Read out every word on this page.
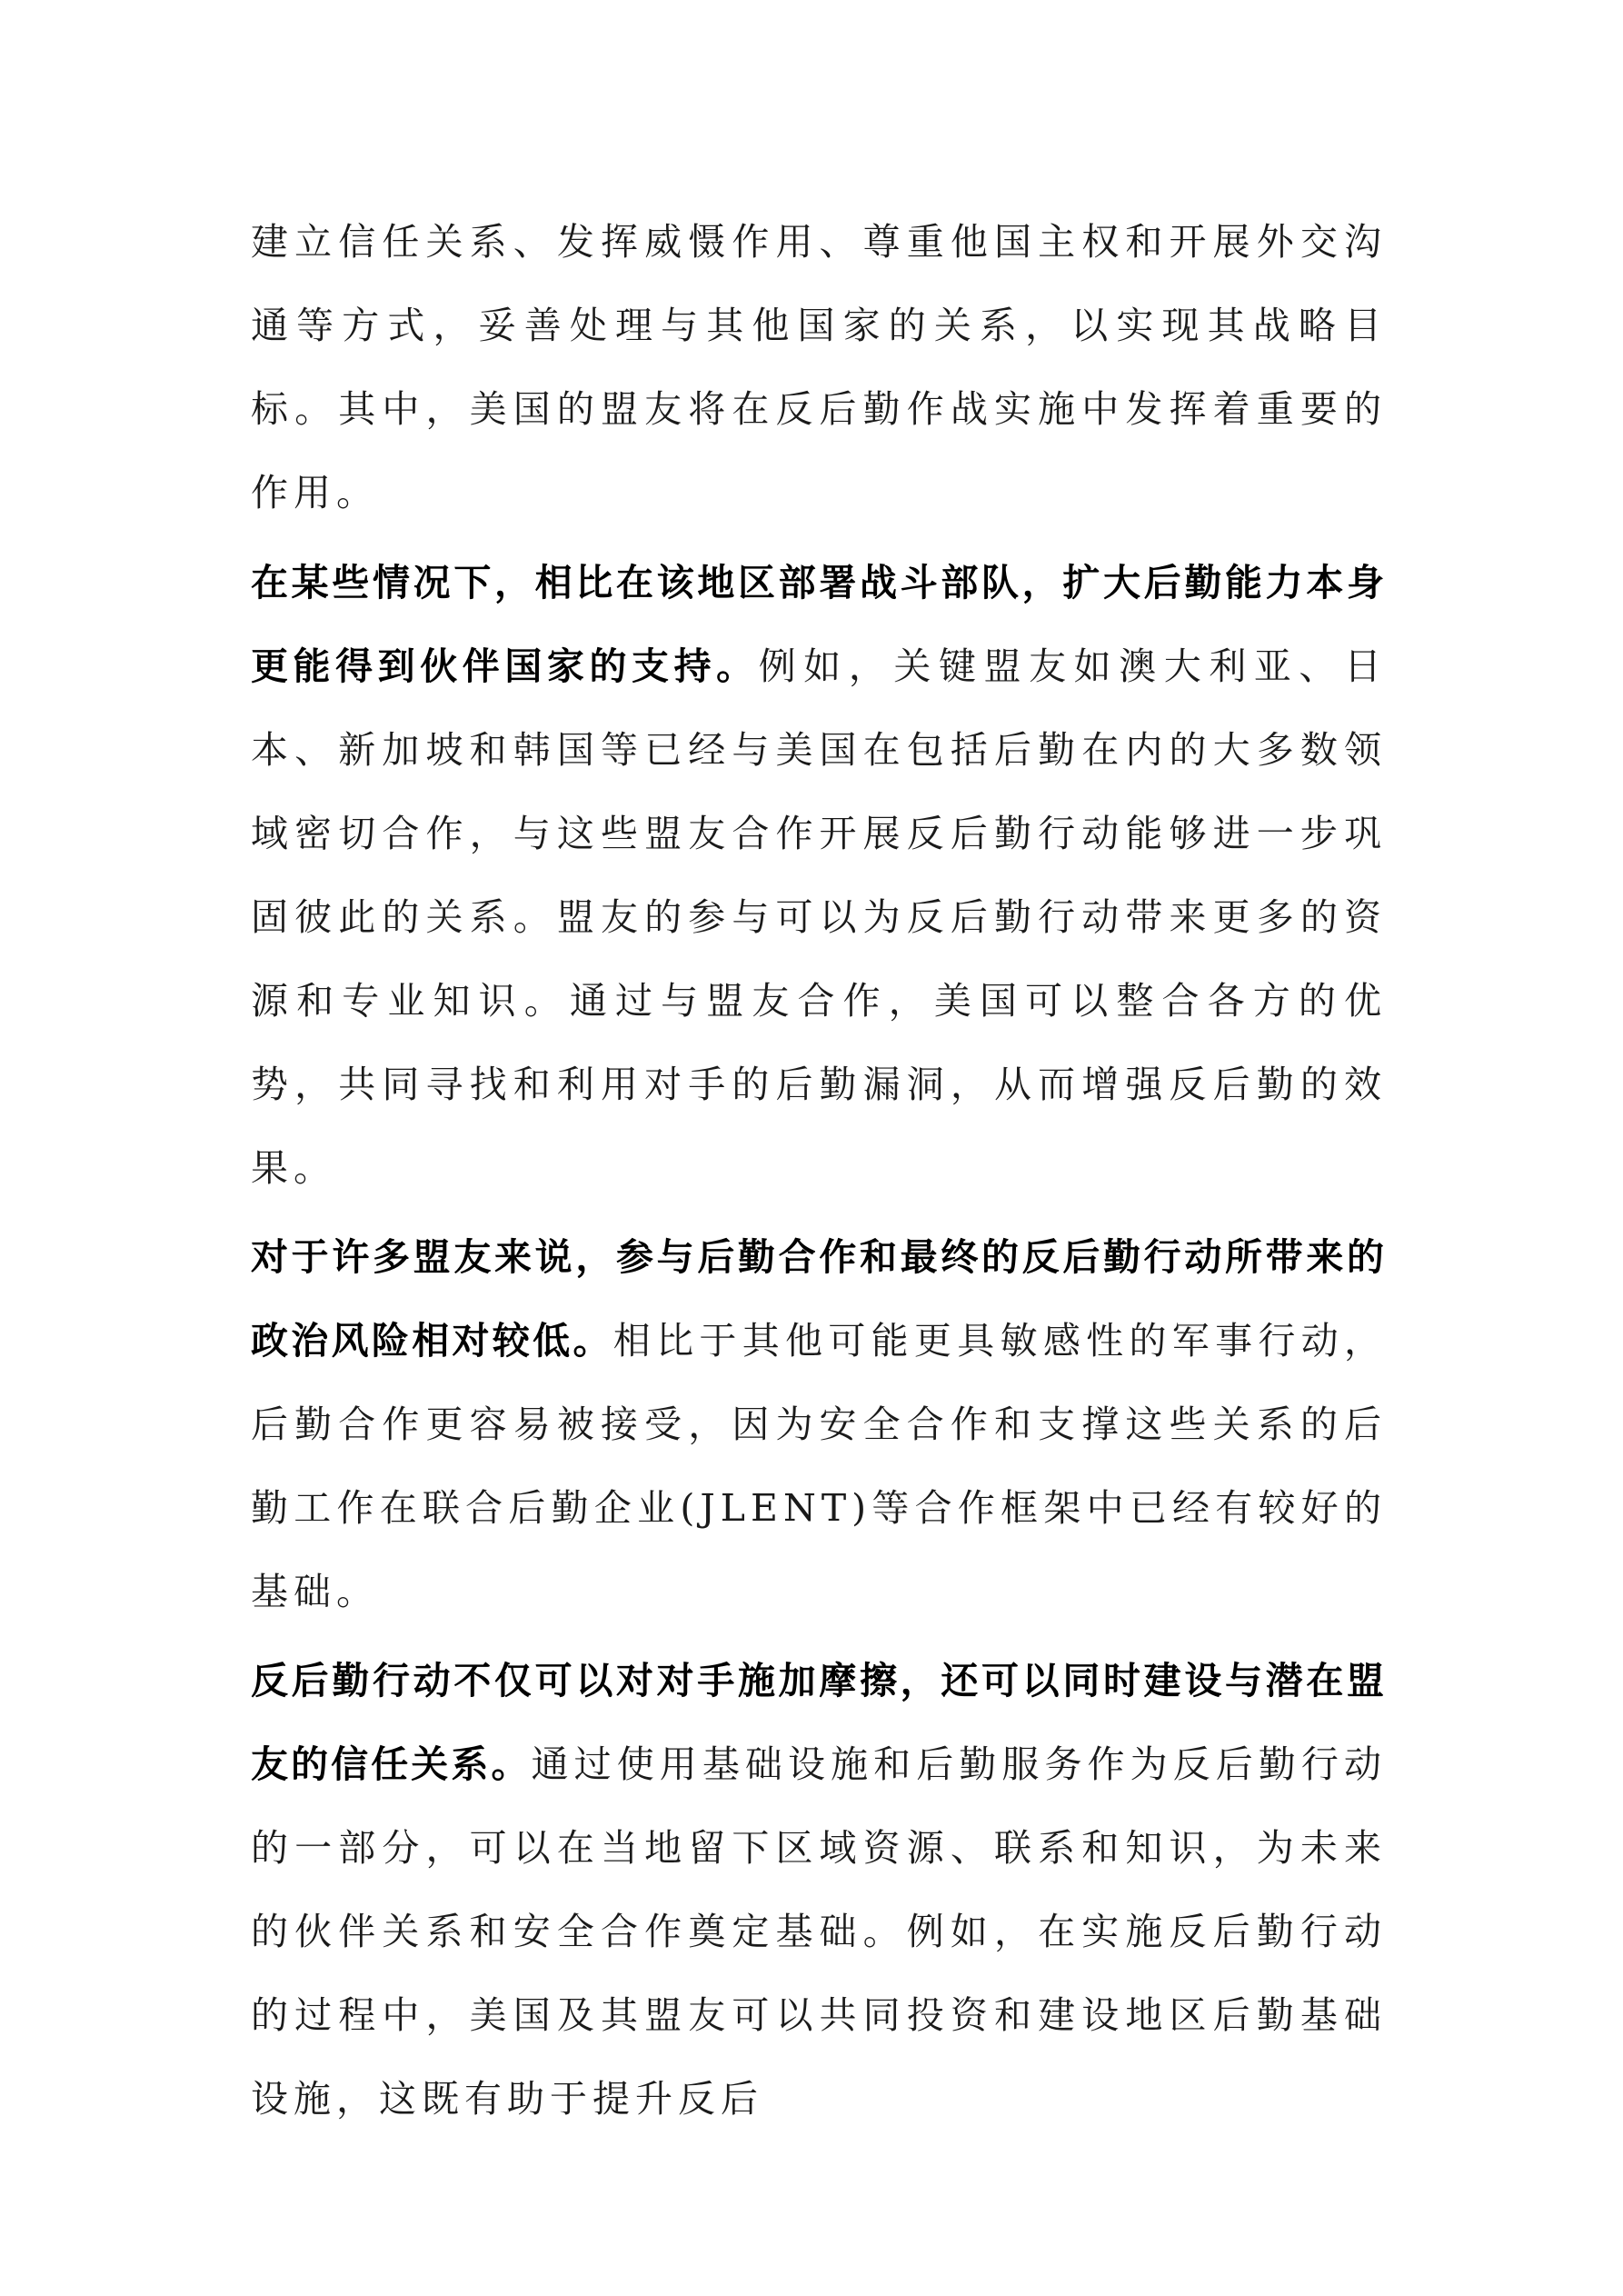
建立信任关系、发挥威慑作用、尊重他国主权和开展外交沟通等方式，妥善处理与其他国家的关系，以实现其战略目标。其中，美国的盟友将在反后勤作战实施中发挥着重要的作用。

在某些情况下，相比在该地区部署战斗部队，扩大后勤能力本身更能得到伙伴国家的支持。例如，关键盟友如澳大利亚、日本、新加坡和韩国等已经与美国在包括后勤在内的大多数领域密切合作，与这些盟友合作开展反后勤行动能够进一步巩固彼此的关系。盟友的参与可以为反后勤行动带来更多的资源和专业知识。通过与盟友合作，美国可以整合各方的优势，共同寻找和利用对手的后勤漏洞，从而增强反后勤的效果。

对于许多盟友来说，参与后勤合作和最终的反后勤行动所带来的政治风险相对较低。相比于其他可能更具敏感性的军事行动，后勤合作更容易被接受，因为安全合作和支撑这些关系的后勤工作在联合后勤企业(JLENT)等合作框架中已经有较好的基础。

反后勤行动不仅可以对对手施加摩擦，还可以同时建设与潜在盟友的信任关系。通过使用基础设施和后勤服务作为反后勤行动的一部分，可以在当地留下区域资源、联系和知识，为未来的伙伴关系和安全合作奠定基础。例如，在实施反后勤行动的过程中，美国及其盟友可以共同投资和建设地区后勤基础设施，这既有助于提升反后
